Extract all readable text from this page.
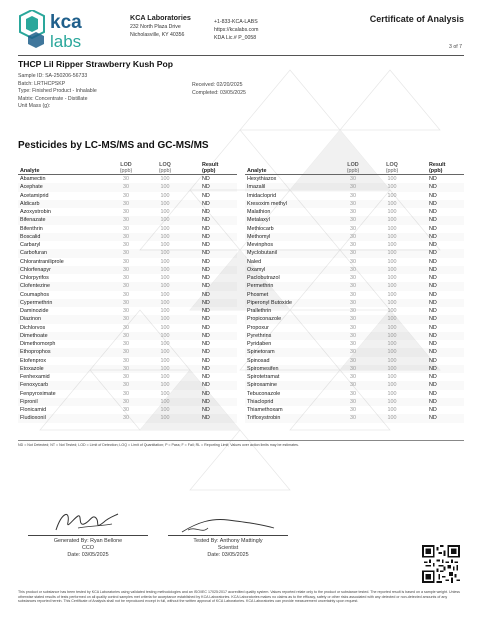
kca
labs
KCA Laboratories
232 North Plaza Drive
Nicholasville, KY 40356
+1-833-KCA-LABS
https://kcalabs.com
KDA Lic.# P_0058
Certificate of Analysis
3 of 7
THCP Lil Ripper Strawberry Kush Pop
Sample ID: SA-250206-56733
Batch: LRTHCPSKP
Type: Finished Product - Inhalable
Matrix: Concentrate - Distillate
Unit Mass (g):
Received: 02/20/2025
Completed: 03/05/2025
Pesticides by LC-MS/MS and GC-MS/MS
Analyte
LOD
(ppb)
LOQ
(ppb)
Result
(ppb)
Abamectin	30	100	ND
Acephate	30	100	ND
Acetamiprid	30	100	ND
Aldicarb	30	100	ND
Azoxystrobin	30	100	ND
Bifenazate	30	100	ND
Bifenthrin	30	100	ND
Boscalid	30	100	ND
Carbaryl	30	100	ND
Carbofuran	30	100	ND
Chlorantraniliprole	30	100	ND
Chlorfenapyr	30	100	ND
Chlorpyrifos	30	100	ND
Clofentezine	30	100	ND
Coumaphos	30	100	ND
Cypermethrin	30	100	ND
Daminozide	30	100	ND
Diazinon	30	100	ND
Dichlorvos	30	100	ND
Dimethoate	30	100	ND
Dimethomorph	30	100	ND
Ethoprophos	30	100	ND
Etofenprox	30	100	ND
Etoxazole	30	100	ND
Fenhexamid	30	100	ND
Fenoxycarb	30	100	ND
Fenpyroximate	30	100	ND
Fipronil	30	100	ND
Flonicamid	30	100	ND
Fludioxonil	30	100	ND
Analyte
LOD
(ppb)
LOQ
(ppb)
Result
(ppb)
Hexythiazox	30	100	ND
Imazalil	30	100	ND
Imidacloprid	30	100	ND
Kresoxim methyl	30	100	ND
Malathion	30	100	ND
Metalaxyl	30	100	ND
Methiocarb	30	100	ND
Methomyl	30	100	ND
Mevinphos	30	100	ND
Myclobutanil	30	100	ND
Naled	30	100	ND
Oxamyl	30	100	ND
Paclobutrazol	30	100	ND
Permethrin	30	100	ND
Phosmet	30	100	ND
Piperonyl Butoxide	30	100	ND
Prallethrin	30	100	ND
Propiconazole	30	100	ND
Propoxur	30	100	ND
Pyrethrins	30	100	ND
Pyridaben	30	100	ND
Spinetoram	30	100	ND
Spinosad	30	100	ND
Spiromesifen	30	100	ND
Spirotetramat	30	100	ND
Spiroxamine	30	100	ND
Tebuconazole	30	100	ND
Thiacloprid	30	100	ND
Thiamethoxam	30	100	ND
Trifloxystrobin	30	100	ND
ND = Not Detected; NT = Not Tested; LOD = Limit of Detection; LOQ = Limit of Quantitation; P = Pass; F = Fail; RL = Reporting Limit; Values over action limits may be estimates.
Generated By: Ryan Bellone
CCO
Date: 03/05/2025
Tested By: Anthony Mattingly
Scientist
Date: 03/05/2025
This product or substance has been tested by KCA Laboratories using validated testing methodologies and an ISO/IEC 17025:2017 accredited quality system. Values reported relate only to the product or substance tested. The reported result is based on a sample weight. Unless otherwise stated results of tests performed on all quality control samples met criteria for acceptance established by KCA Laboratories. KCA Laboratories makes no claims as to the efficacy, safety or other risks associated with any detected or non-detected amounts of any substances reported herein. This Certificate of Analysis shall not be reproduced except in full, without the written approval of KCA Laboratories. KCA Laboratories can provide measurement uncertainty upon request.
